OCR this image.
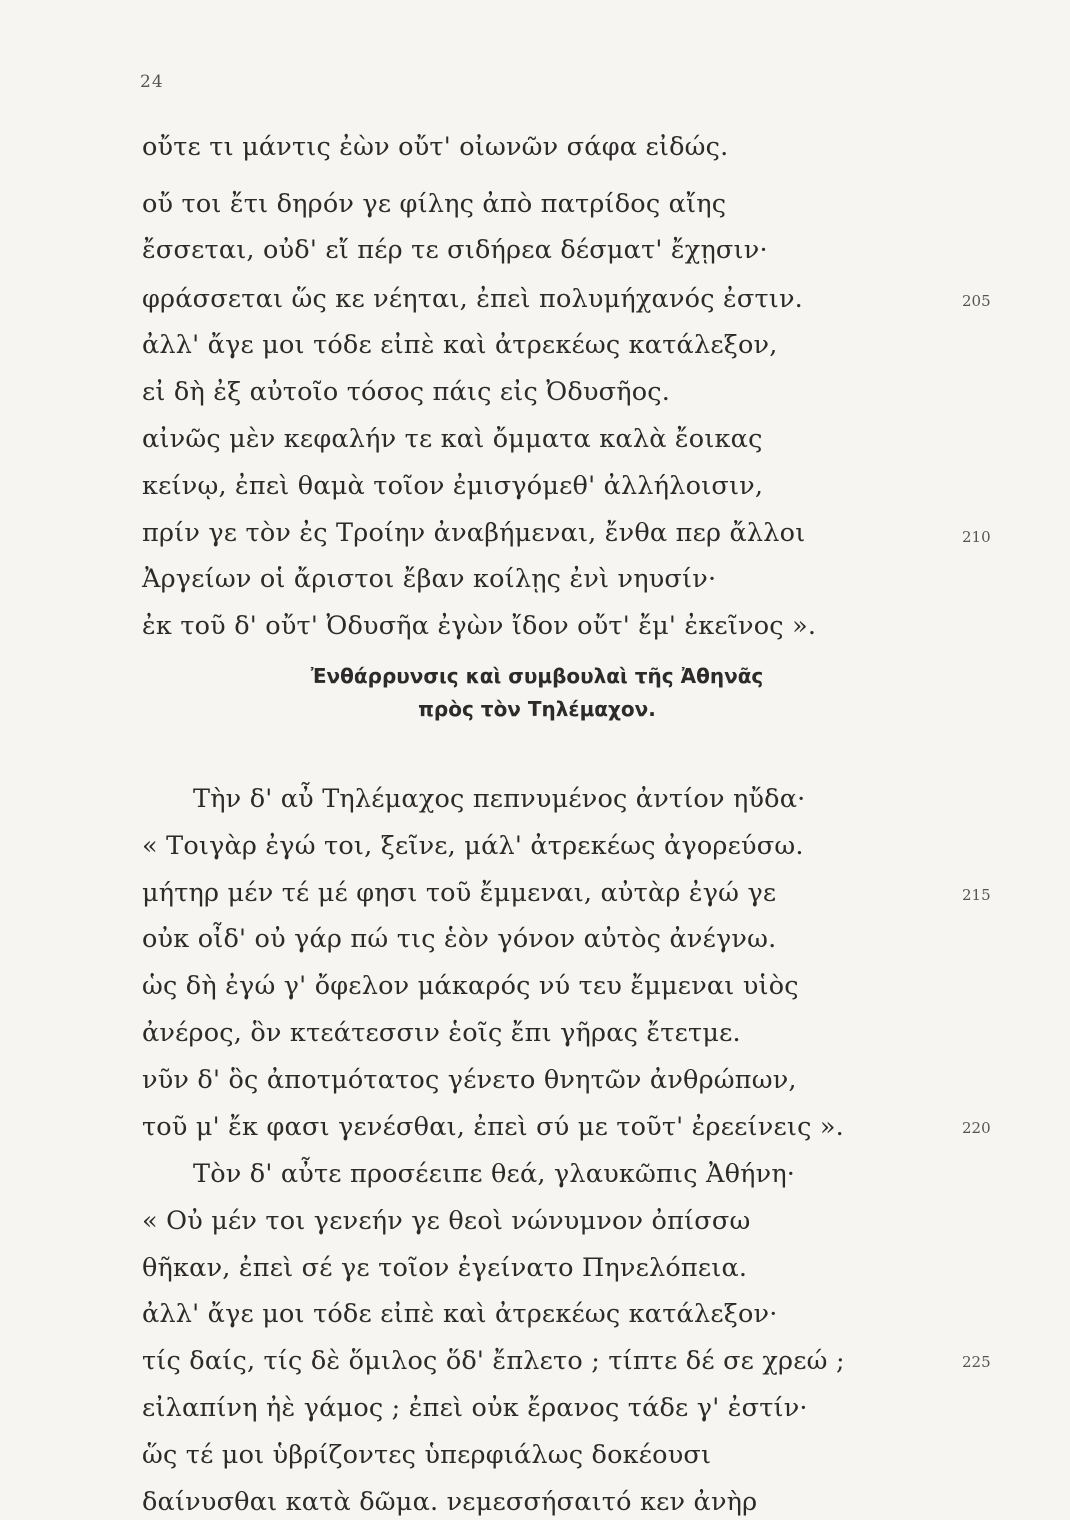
24
οὔτε τι μάντις ἐὼν οὔτ' οἰωνῶν σάφα εἰδώς.
οὔ τοι ἔτι δηρόν γε φίλης ἀπὸ πατρίδος αἴης
ἔσσεται, οὐδ' εἴ πέρ τε σιδήρεα δέσματ' ἔχῃσιν·
φράσσεται ὥς κε νέηται, ἐπεὶ πολυμήχανός ἐστιν.	205
ἀλλ' ἄγε μοι τόδε εἰπὲ καὶ ἀτρεκέως κατάλεξον,
εἰ δὴ ἐξ αὐτοῖο τόσος πάις εἰς Ὀδυσῆος.
αἰνῶς μὲν κεφαλήν τε καὶ ὄμματα καλὰ ἔοικας
κείνῳ, ἐπεὶ θαμὰ τοῖον ἐμισγόμεθ' ἀλλήλοισιν,
πρίν γε τὸν ἐς Τροίην ἀναβήμεναι, ἔνθα περ ἄλλοι	210
Ἀργείων οἱ ἄριστοι ἔβαν κοίλῃς ἐνὶ νηυσίν·
ἐκ τοῦ δ' οὔτ' Ὀδυσῆα ἐγὼν ἴδον οὔτ' ἔμ' ἐκεῖνος ».
Ἐνθάρρυνσις καὶ συμβουλαὶ τῆς Ἀθηνᾶς
πρὸς τὸν Τηλέμαχον.
Τὴν δ' αὖ Τηλέμαχος πεπνυμένος ἀντίον ηὔδα·
« Τοιγὰρ ἐγώ τοι, ξεῖνε, μάλ' ἀτρεκέως ἀγορεύσω.
μήτηρ μέν τέ μέ φησι τοῦ ἔμμεναι, αὐτὰρ ἐγώ γε	215
οὐκ οἶδ' οὐ γάρ πώ τις ἑὸν γόνον αὐτὸς ἀνέγνω.
ὡς δὴ ἐγώ γ' ὄφελον μάκαρός νύ τευ ἔμμεναι υἱὸς
ἀνέρος, ὃν κτεάτεσσιν ἑοῖς ἔπι γῆρας ἔτετμε.
νῦν δ' ὃς ἀποτμότατος γένετο θνητῶν ἀνθρώπων,
τοῦ μ' ἔκ φασι γενέσθαι, ἐπεὶ σύ με τοῦτ' ἐρεείνεις ».	220
Τὸν δ' αὖτε προσέειπε θεά, γλαυκῶπις Ἀθήνη·
« Οὐ μέν τοι γενεήν γε θεοὶ νώνυμνον ὀπίσσω
θῆκαν, ἐπεὶ σέ γε τοῖον ἐγείνατο Πηνελόπεια.
ἀλλ' ἄγε μοι τόδε εἰπὲ καὶ ἀτρεκέως κατάλεξον·
τίς δαίς, τίς δὲ ὅμιλος ὅδ' ἔπλετο ; τίπτε δέ σε χρεώ ;	225
εἰλαπίνη ἠὲ γάμος ; ἐπεὶ οὐκ ἔρανος τάδε γ' ἐστίν·
ὥς τέ μοι ὑβρίζοντες ὑπερφιάλως δοκέουσι
δαίνυσθαι κατὰ δῶμα. νεμεσσήσαιτό κεν ἀνὴρ
